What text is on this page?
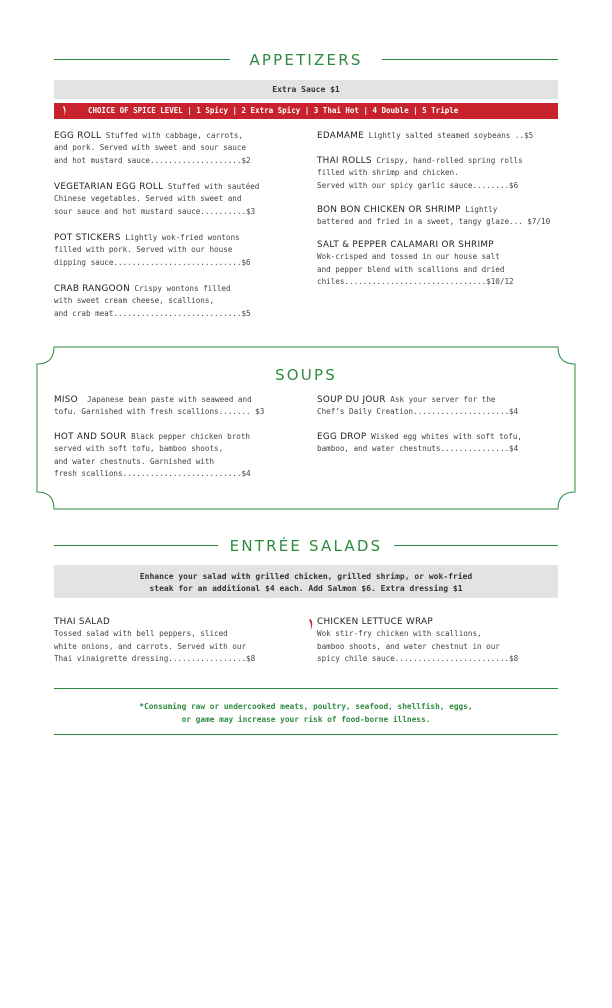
APPETIZERS
Extra Sauce $1
CHOICE OF SPICE LEVEL | 1 Spicy | 2 Extra Spicy | 3 Thai Hot | 4 Double | 5 Triple
EGG ROLL Stuffed with cabbage, carrots,
and pork. Served with sweet and sour sauce
and hot mustard sauce....................$2
VEGETARIAN EGG ROLL Stuffed with sautéed
Chinese vegetables. Served with sweet and
sour sauce and hot mustard sauce..........$3
POT STICKERS Lightly wok-fried wontons
filled with pork. Served with our house
dipping sauce............................$6
CRAB RANGOON Crispy wontons filled
with sweet cream cheese, scallions,
and crab meat............................$5
EDAMAME Lightly salted steamed soybeans ..$5
THAI ROLLS Crispy, hand-rolled spring rolls
filled with shrimp and chicken.
Served with our spicy garlic sauce........$6
BON BON CHICKEN OR SHRIMP Lightly
battered and fried in a sweet, tangy glaze... $7/10
SALT & PEPPER CALAMARI OR SHRIMP
Wok-crisped and tossed in our house salt
and pepper blend with scallions and dried
chiles...............................$10/12
SOUPS
MISO  Japanese bean paste with seaweed and
tofu. Garnished with fresh scallions....... $3
HOT AND SOUR Black pepper chicken broth
served with soft tofu, bamboo shoots,
and water chestnuts. Garnished with
fresh scallions..........................$4
SOUP DU JOUR Ask your server for the
Chef’s Daily Creation.....................$4
EGG DROP Wisked egg whites with soft tofu,
bamboo, and water chestnuts...............$4
ENTRÉE SALADS
Enhance your salad with grilled chicken, grilled shrimp, or wok-fried
steak for an additional $4 each. Add Salmon $6. Extra dressing $1
THAI SALAD
Tossed salad with bell peppers, sliced
white onions, and carrots. Served with our
Thai vinaigrette dressing.................$8
CHICKEN LETTUCE WRAP
Wok stir-fry chicken with scallions,
bamboo shoots, and water chestnut in our
spicy chile sauce.........................$8
*Consuming raw or undercooked meats, poultry, seafood, shellfish, eggs,
or game may increase your risk of food-borne illness.
